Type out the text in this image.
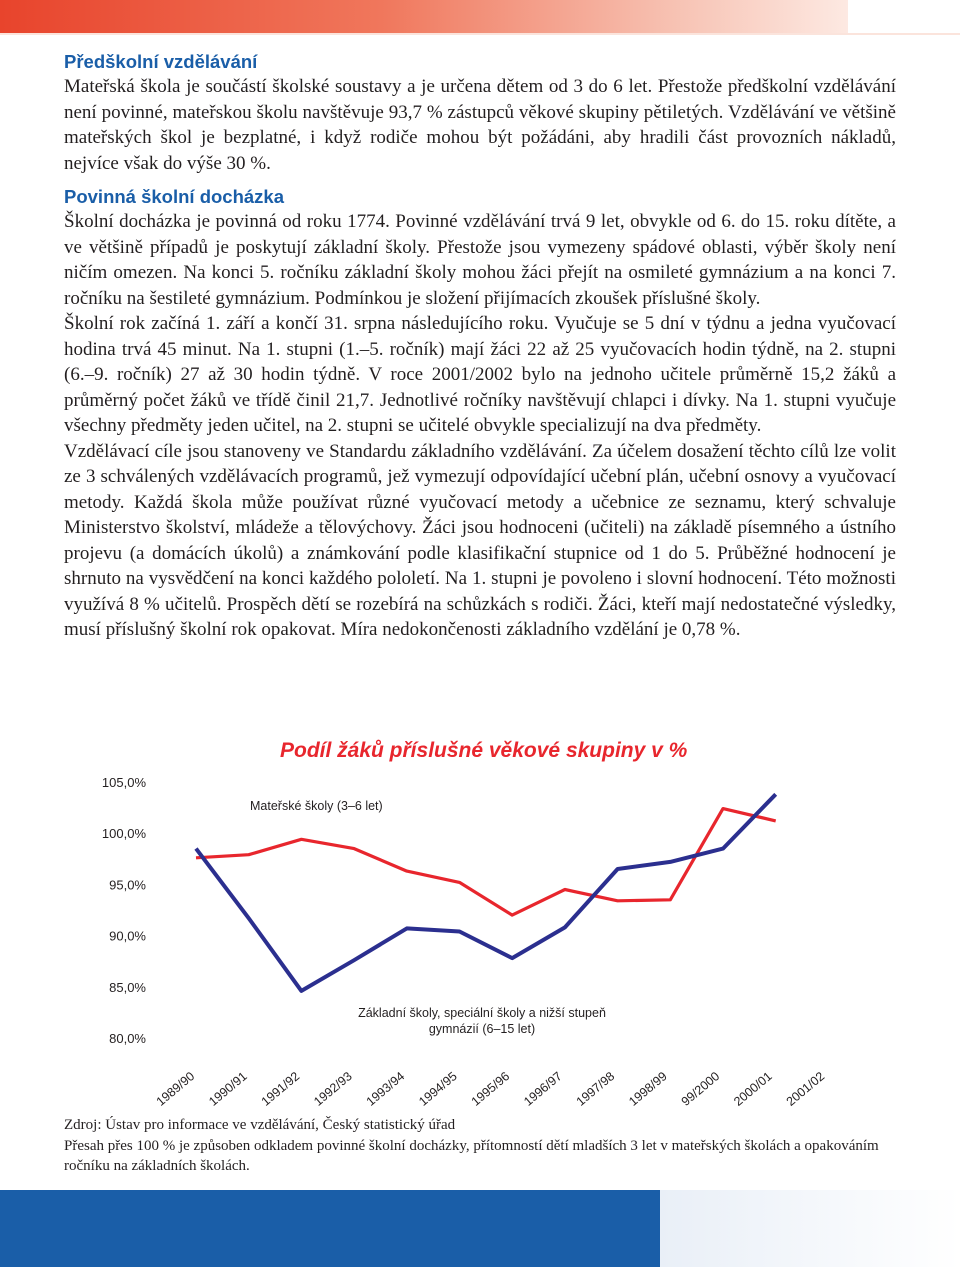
Předškolní vzdělávání

Mateřská škola je součástí školské soustavy a je určena dětem od 3 do 6 let. Přestože předškolní vzdělávání není povinné, mateřskou školu navštěvuje 93,7 % zástupců věkové skupiny pětiletých. Vzdělávání ve většině mateřských škol je bezplatné, i když rodiče mohou být požádáni, aby hradili část provozních nákladů, nejvíce však do výše 30 %.

Povinná školní docházka

Školní docházka je povinná od roku 1774. Povinné vzdělávání trvá 9 let, obvykle od 6. do 15. roku dítěte, a ve většině případů je poskytují základní školy. Přestože jsou vymezeny spádové oblasti, výběr školy není ničím omezen. Na konci 5. ročníku základní školy mohou žáci přejít na osmileté gymnázium a na konci 7. ročníku na šestileté gymnázium. Podmínkou je složení přijímacích zkoušek příslušné školy.

Školní rok začíná 1. září a končí 31. srpna následujícího roku. Vyučuje se 5 dní v týdnu a jedna vyučovací hodina trvá 45 minut. Na 1. stupni (1.–5. ročník) mají žáci 22 až 25 vyučovacích hodin týdně, na 2. stupni (6.–9. ročník) 27 až 30 hodin týdně. V roce 2001/2002 bylo na jednoho učitele průměrně 15,2 žáků a průměrný počet žáků ve třídě činil 21,7. Jednotlivé ročníky navštěvují chlapci i dívky. Na 1. stupni vyučuje všechny předměty jeden učitel, na 2. stupni se učitelé obvykle specializují na dva předměty.

Vzdělávací cíle jsou stanoveny ve Standardu základního vzdělávání. Za účelem dosažení těchto cílů lze volit ze 3 schválených vzdělávacích programů, jež vymezují odpovídající učební plán, učební osnovy a vyučovací metody. Každá škola může používat různé vyučovací metody a učebnice ze seznamu, který schvaluje Ministerstvo školství, mládeže a tělovýchovy. Žáci jsou hodnoceni (učiteli) na základě písemného a ústního projevu (a domácích úkolů) a známkování podle klasifikační stupnice od 1 do 5. Průběžné hodnocení je shrnuto na vysvědčení na konci každého pololetí. Na 1. stupni je povoleno i slovní hodnocení. Této možnosti využívá 8 % učitelů. Prospěch dětí se rozebírá na schůzkách s rodiči. Žáci, kteří mají nedostatečné výsledky, musí příslušný školní rok opakovat. Míra nedokončenosti základního vzdělání je 0,78 %.

Podíl žáků příslušné věkové skupiny v %
105,0%
100,0%
95,0%
90,0%
85,0%
80,0%
1989/90 1990/91 1991/92 1992/93 1993/94 1994/95 1995/96 1996/97 1997/98 1998/99 99/2000 2000/01 2001/02
Mateřské školy (3–6 let)
Základní školy, speciální školy a nižší stupeň
gymnázií (6–15 let)
Zdroj: Ústav pro informace ve vzdělávání, Český statistický úřad
Přesah přes 100 % je způsoben odkladem povinné školní docházky, přítomností dětí mladších 3 let v mateřských školách a opakováním ročníku na základních školách.
